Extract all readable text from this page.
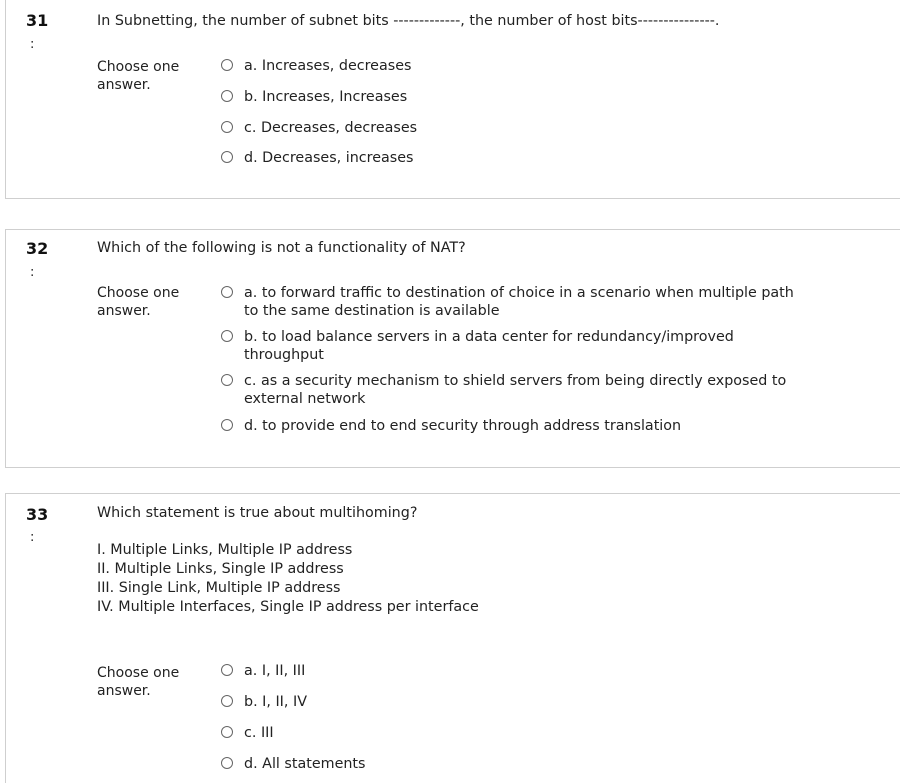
31
:
In Subnetting, the number of subnet bits -------------, the number of host bits---------------.
Choose one answer.
a. Increases, decreases
b. Increases, Increases
c. Decreases, decreases
d. Decreases, increases
32
:
Which of the following is not a functionality of NAT?
Choose one answer.
a. to forward traffic to destination of choice in a scenario when multiple path to the same destination is available
b. to load balance servers in a data center for redundancy/improved throughput
c. as a security mechanism to shield servers from being directly exposed to external network
d. to provide end to end security through address translation
33
:
Which statement is true about multihoming?
I. Multiple Links, Multiple IP address
II. Multiple Links, Single IP address
III. Single Link, Multiple IP address
IV. Multiple Interfaces, Single IP address per interface
Choose one answer.
a. I, II, III
b. I, II, IV
c. III
d. All statements
